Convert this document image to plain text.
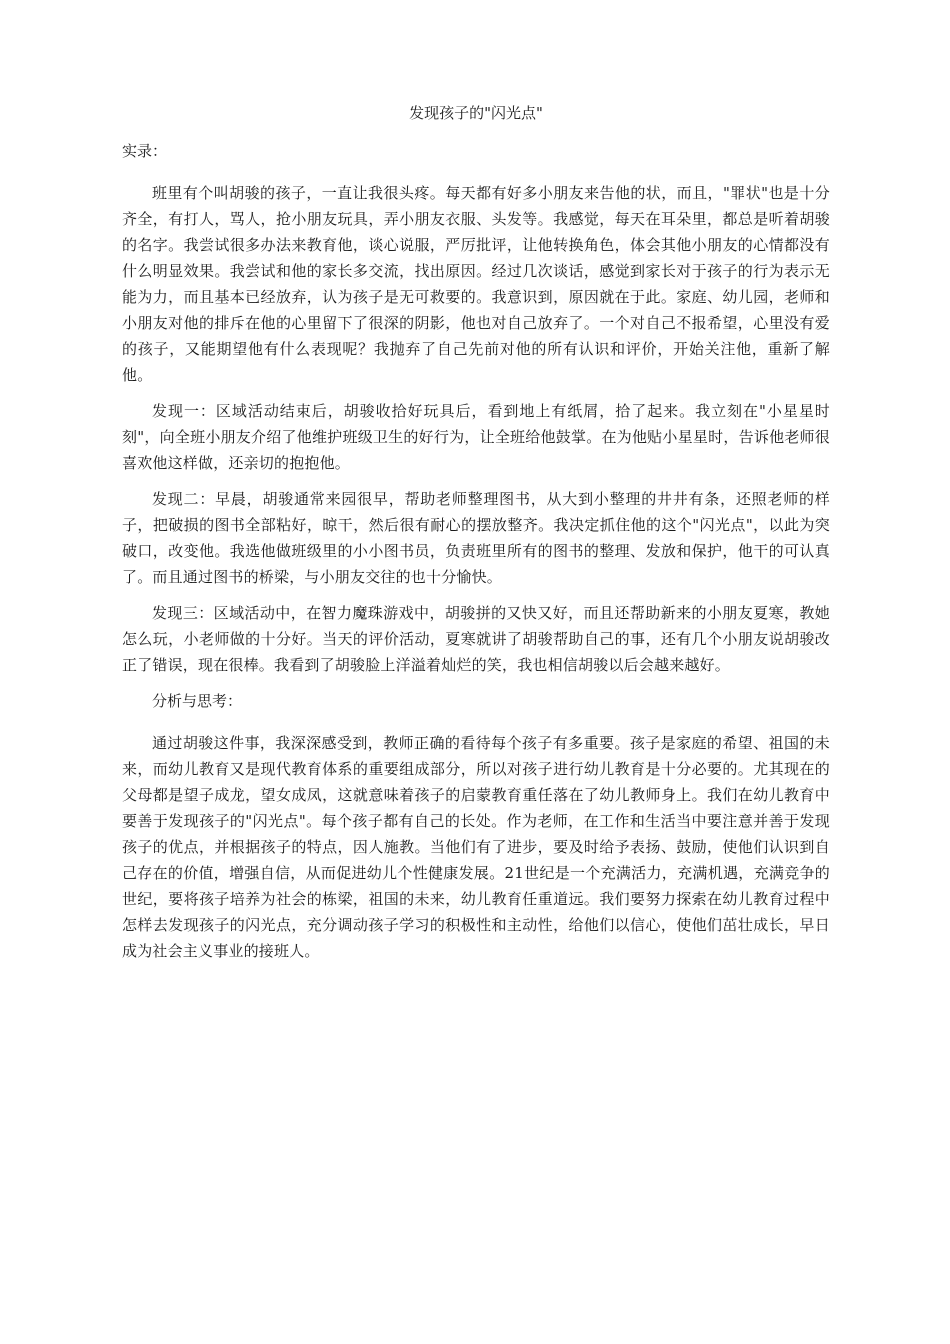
发现孩子的"闪光点"
实录：

班里有个叫胡骏的孩子，一直让我很头疼。每天都有好多小朋友来告他的状，而且，"罪状"也是十分齐全，有打人，骂人，抢小朋友玩具，弄小朋友衣服、头发等。我感觉，每天在耳朵里，都总是听着胡骏的名字。我尝试很多办法来教育他，谈心说服，严厉批评，让他转换角色，体会其他小朋友的心情都没有什么明显效果。我尝试和他的家长多交流，找出原因。经过几次谈话，感觉到家长对于孩子的行为表示无能为力，而且基本已经放弃，认为孩子是无可救要的。我意识到，原因就在于此。家庭、幼儿园，老师和小朋友对他的排斥在他的心里留下了很深的阴影，他也对自己放弃了。一个对自己不报希望，心里没有爱的孩子，又能期望他有什么表现呢？我抛弃了自己先前对他的所有认识和评价，开始关注他，重新了解他。

发现一：区域活动结束后，胡骏收拾好玩具后，看到地上有纸屑，拾了起来。我立刻在"小星星时刻"，向全班小朋友介绍了他维护班级卫生的好行为，让全班给他鼓掌。在为他贴小星星时，告诉他老师很喜欢他这样做，还亲切的抱抱他。

发现二：早晨，胡骏通常来园很早，帮助老师整理图书，从大到小整理的井井有条，还照老师的样子，把破损的图书全部粘好，晾干，然后很有耐心的摆放整齐。我决定抓住他的这个"闪光点"，以此为突破口，改变他。我选他做班级里的小小图书员，负责班里所有的图书的整理、发放和保护，他干的可认真了。而且通过图书的桥梁，与小朋友交往的也十分愉快。

发现三：区域活动中，在智力魔珠游戏中，胡骏拼的又快又好，而且还帮助新来的小朋友夏寒，教她怎么玩，小老师做的十分好。当天的评价活动，夏寒就讲了胡骏帮助自己的事，还有几个小朋友说胡骏改正了错误，现在很棒。我看到了胡骏脸上洋溢着灿烂的笑，我也相信胡骏以后会越来越好。

分析与思考：

通过胡骏这件事，我深深感受到，教师正确的看待每个孩子有多重要。孩子是家庭的希望、祖国的未来，而幼儿教育又是现代教育体系的重要组成部分，所以对孩子进行幼儿教育是十分必要的。尤其现在的父母都是望子成龙，望女成凤，这就意味着孩子的启蒙教育重任落在了幼儿教师身上。我们在幼儿教育中要善于发现孩子的"闪光点"。每个孩子都有自己的长处。作为老师，在工作和生活当中要注意并善于发现孩子的优点，并根据孩子的特点，因人施教。当他们有了进步，要及时给予表扬、鼓励，使他们认识到自己存在的价值，增强自信，从而促进幼儿个性健康发展。21世纪是一个充满活力，充满机遇，充满竞争的世纪，要将孩子培养为社会的栋梁，祖国的未来，幼儿教育任重道远。我们要努力探索在幼儿教育过程中怎样去发现孩子的闪光点，充分调动孩子学习的积极性和主动性，给他们以信心，使他们茁壮成长，早日成为社会主义事业的接班人。
